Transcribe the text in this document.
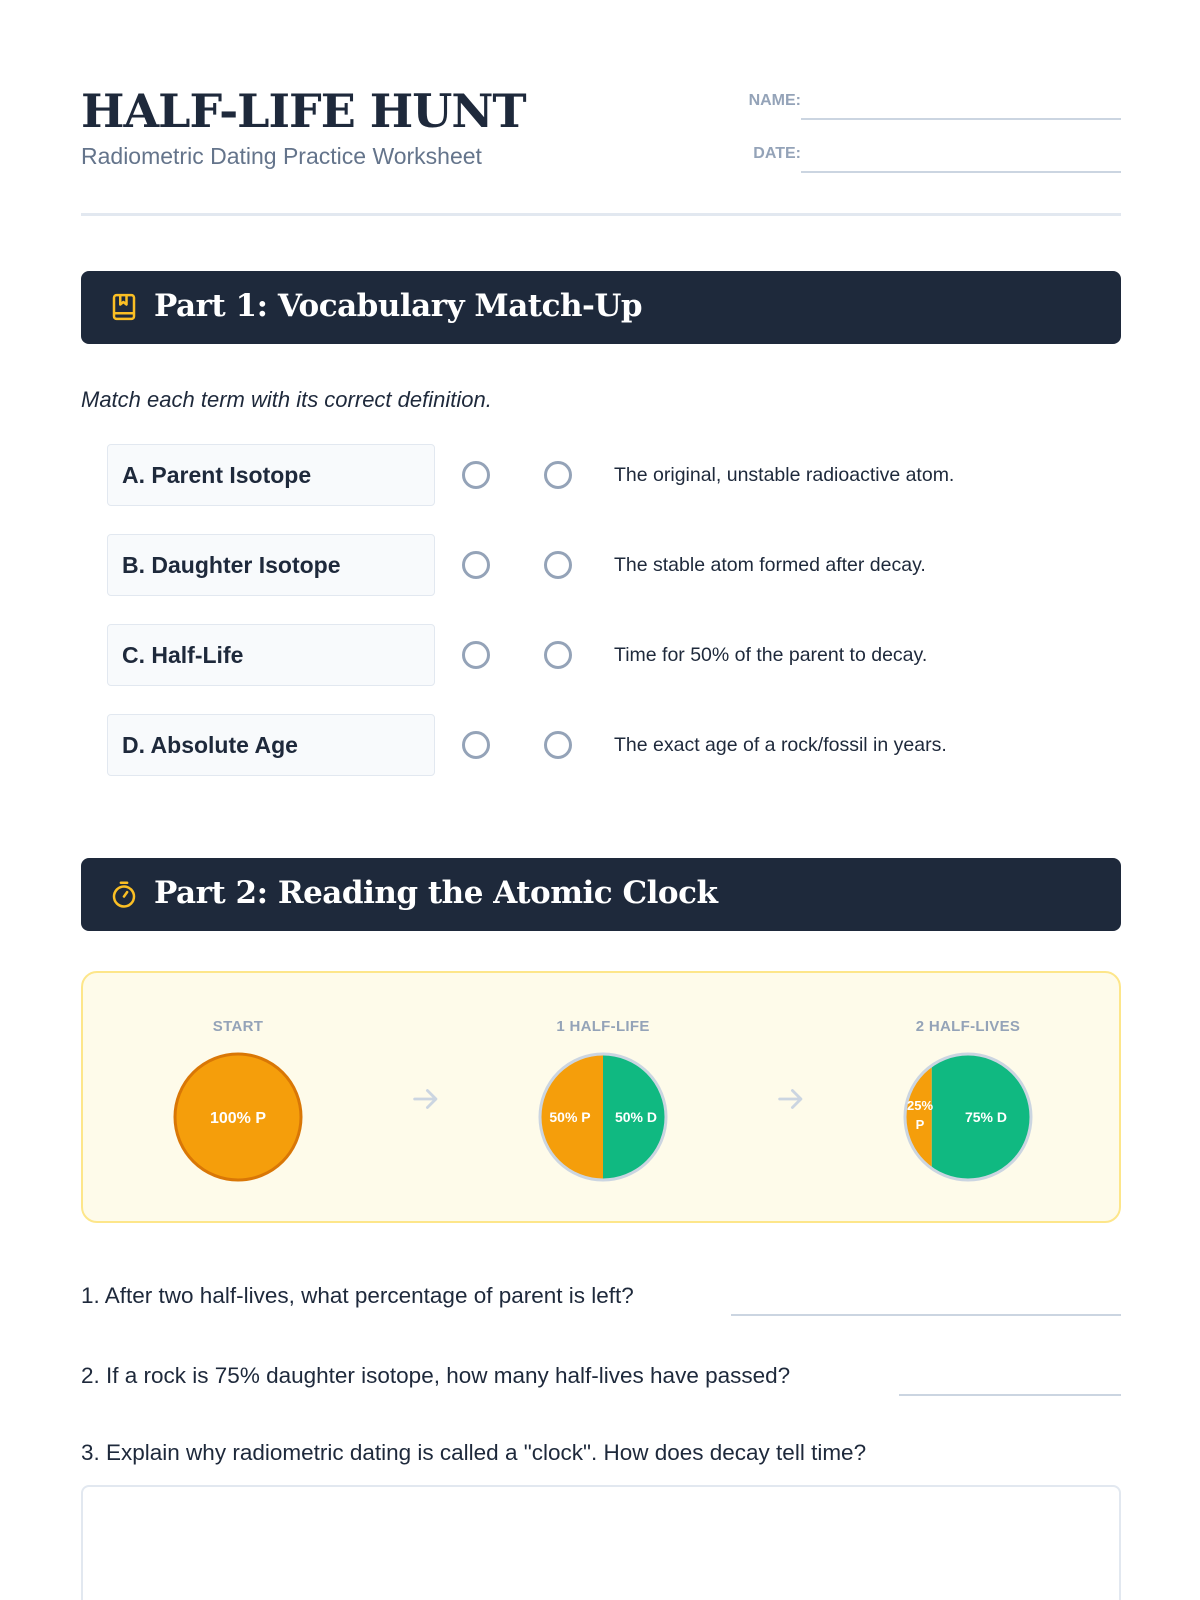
HALF-LIFE HUNT
Radiometric Dating Practice Worksheet
NAME:
DATE:
Part 1: Vocabulary Match-Up
Match each term with its correct definition.
A. Parent Isotope	The original, unstable radioactive atom.
B. Daughter Isotope	The stable atom formed after decay.
C. Half-Life	Time for 50% of the parent to decay.
D. Absolute Age	The exact age of a rock/fossil in years.
Part 2: Reading the Atomic Clock
START	1 HALF-LIFE	2 HALF-LIVES
100% P	50% P 50% D
25%
P	75% D
1. After two half-lives, what percentage of parent is left?
2. If a rock is 75% daughter isotope, how many half-lives have passed?
3. Explain why radiometric dating is called a "clock". How does decay tell time?
